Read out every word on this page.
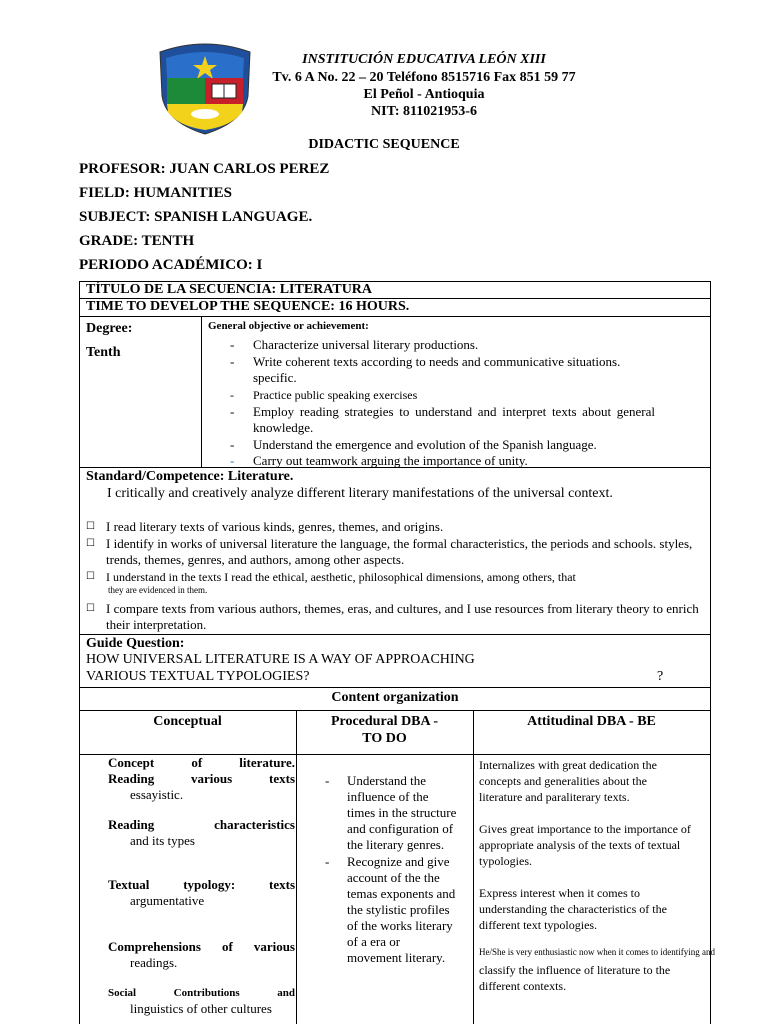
INSTITUCIÓN EDUCATIVA LEÓN XIII
Tv. 6 A No. 22 – 20 Teléfono 8515716 Fax 851 59 77
El Peñol - Antioquia
NIT: 811021953-6
DIDACTIC SEQUENCE
PROFESOR: JUAN CARLOS PEREZ
FIELD: HUMANITIES
SUBJECT: SPANISH LANGUAGE.
GRADE: TENTH
PERIODO ACADÉMICO: I
TÍTULO DE LA SECUENCIA: LITERATURA
TIME TO DEVELOP THE SEQUENCE: 16 HOURS.
Degree:
Tenth
General objective or achievement:
- Characterize universal literary productions.
- Write coherent texts according to needs and communicative situations. specific.
- Practice public speaking exercises
- Employ reading strategies to understand and interpret texts about general knowledge.
- Understand the emergence and evolution of the Spanish language.
- Carry out teamwork arguing the importance of unity.
Standard/Competence: Literature.
I critically and creatively analyze different literary manifestations of the universal context.
☐ I read literary texts of various kinds, genres, themes, and origins.
☐ I identify in works of universal literature the language, the formal characteristics, the periods and schools. styles, trends, themes, genres, and authors, among other aspects.
☐ I understand in the texts I read the ethical, aesthetic, philosophical dimensions, among others, that
they are evidenced in them.
☐ I compare texts from various authors, themes, eras, and cultures, and I use resources from literary theory to enrich their interpretation.
Guide Question:
HOW UNIVERSAL LITERATURE IS A WAY OF APPROACHING
VARIOUS TEXTUAL TYPOLOGIES?	?
Content organization
Conceptual	Procedural DBA -
TO DO
Attitudinal DBA - BE
Concept of literature.
Reading various texts
essayistic.
Reading characteristics
and its types
Textual typology: texts
argumentative
Comprehensions of various
readings.
Social Contributions and
linguistics of other cultures
- Understand the influence of the times in the structure and configuration of the literary genres.
- Recognize and give account of the the temas exponents and the stylistic profiles of the works literary of a era or movement literary.
Internalizes with great dedication the concepts and generalities about the literature and paraliterary texts.
Gives great importance to the importance of appropriate analysis of the texts of textual typologies.
Express interest when it comes to understanding the characteristics of the different text typologies.
He/She is very enthusiastic now when it comes to identifying and
classify the influence of literature to the different contexts.
